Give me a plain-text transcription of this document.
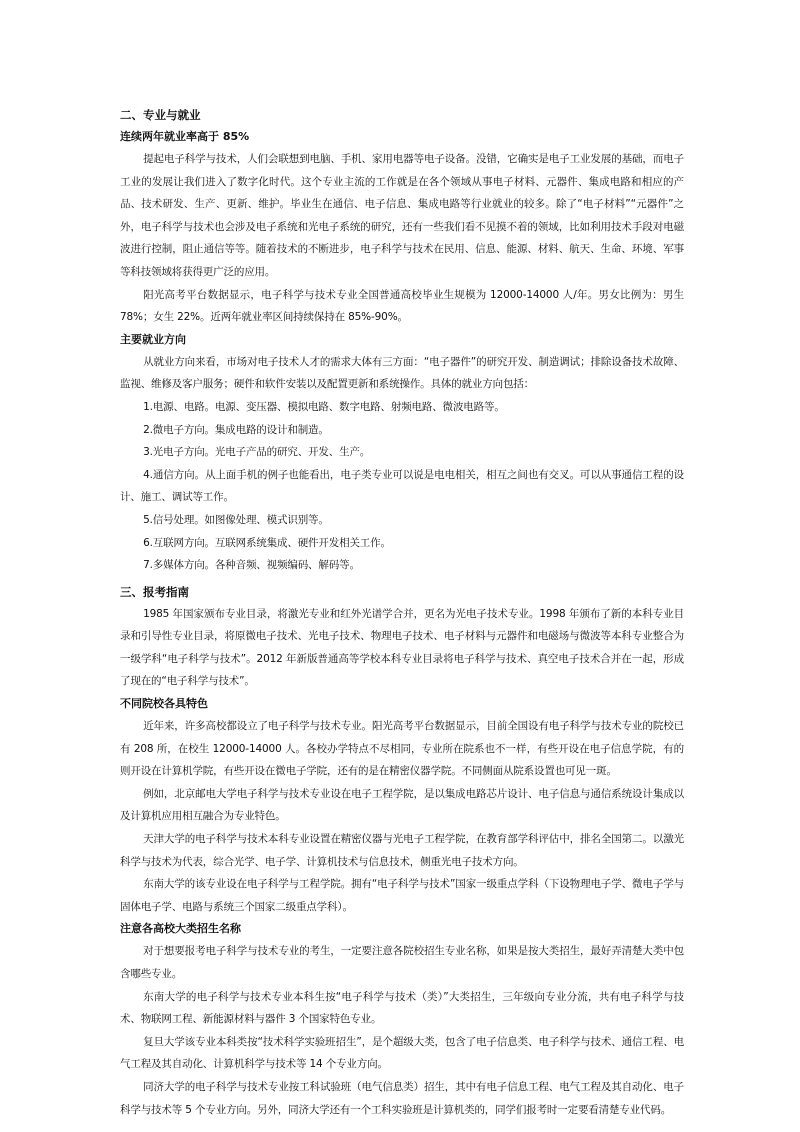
二、专业与就业
连续两年就业率高于 85%

提起电子科学与技术，人们会联想到电脑、手机、家用电器等电子设备。没错，它确实是电子工业发展的基础，而电子工业的发展让我们进入了数字化时代。这个专业主流的工作就是在各个领域从事电子材料、元器件、集成电路和相应的产品、技术研发、生产、更新、维护。毕业生在通信、电子信息、集成电路等行业就业的较多。除了“电子材料”“元器件”之外，电子科学与技术也会涉及电子系统和光电子系统的研究，还有一些我们看不见摸不着的领域，比如利用技术手段对电磁波进行控制，阻止通信等等。随着技术的不断进步，电子科学与技术在民用、信息、能源、材料、航天、生命、环境、军事等科技领域将获得更广泛的应用。

阳光高考平台数据显示，电子科学与技术专业全国普通高校毕业生规模为 12000-14000 人/年。男女比例为：男生 78%；女生 22%。近两年就业率区间持续保持在 85%-90%。

主要就业方向

从就业方向来看，市场对电子技术人才的需求大体有三方面：“电子器件”的研究开发、制造调试；排除设备技术故障、监视、维修及客户服务；硬件和软件安装以及配置更新和系统操作。具体的就业方向包括：

1.电源、电路。电源、变压器、模拟电路、数字电路、射频电路、微波电路等。
2.微电子方向。集成电路的设计和制造。
3.光电子方向。光电子产品的研究、开发、生产。
4.通信方向。从上面手机的例子也能看出，电子类专业可以说是电电相关，相互之间也有交叉。可以从事通信工程的设计、施工、调试等工作。
5.信号处理。如图像处理、模式识别等。
6.互联网方向。互联网系统集成、硬件开发相关工作。
7.多媒体方向。各种音频、视频编码、解码等。
三、报考指南

1985 年国家颁布专业目录，将激光专业和红外光谱学合并，更名为光电子技术专业。1998 年颁布了新的本科专业目录和引导性专业目录，将原微电子技术、光电子技术、物理电子技术、电子材料与元器件和电磁场与微波等本科专业整合为一级学科“电子科学与技术”。2012 年新版普通高等学校本科专业目录将电子科学与技术、真空电子技术合并在一起，形成了现在的“电子科学与技术”。

不同院校各具特色

近年来，许多高校都设立了电子科学与技术专业。阳光高考平台数据显示，目前全国设有电子科学与技术专业的院校已有 208 所，在校生 12000-14000 人。各校办学特点不尽相同，专业所在院系也不一样，有些开设在电子信息学院，有的则开设在计算机学院，有些开设在微电子学院，还有的是在精密仪器学院。不同侧面从院系设置也可见一斑。

例如，北京邮电大学电子科学与技术专业设在电子工程学院，是以集成电路芯片设计、电子信息与通信系统设计集成以及计算机应用相互融合为专业特色。

天津大学的电子科学与技术本科专业设置在精密仪器与光电子工程学院，在教育部学科评估中，排名全国第二。以激光科学与技术为代表，综合光学、电子学、计算机技术与信息技术，侧重光电子技术方向。

东南大学的该专业设在电子科学与工程学院。拥有“电子科学与技术”国家一级重点学科（下设物理电子学、微电子学与固体电子学、电路与系统三个国家二级重点学科）。

注意各高校大类招生名称

对于想要报考电子科学与技术专业的考生，一定要注意各院校招生专业名称，如果是按大类招生，最好弄清楚大类中包含哪些专业。

东南大学的电子科学与技术专业本科生按“电子科学与技术（类）”大类招生，三年级向专业分流，共有电子科学与技术、物联网工程、新能源材料与器件 3 个国家特色专业。

复旦大学该专业本科类按“技术科学实验班招生”，是个超级大类，包含了电子信息类、电子科学与技术、通信工程、电气工程及其自动化、计算机科学与技术等 14 个专业方向。

同济大学的电子科学与技术专业按工科试验班（电气信息类）招生，其中有电子信息工程、电气工程及其自动化、电子科学与技术等 5 个专业方向。另外，同济大学还有一个工科实验班是计算机类的，同学们报考时一定要看清楚专业代码。
